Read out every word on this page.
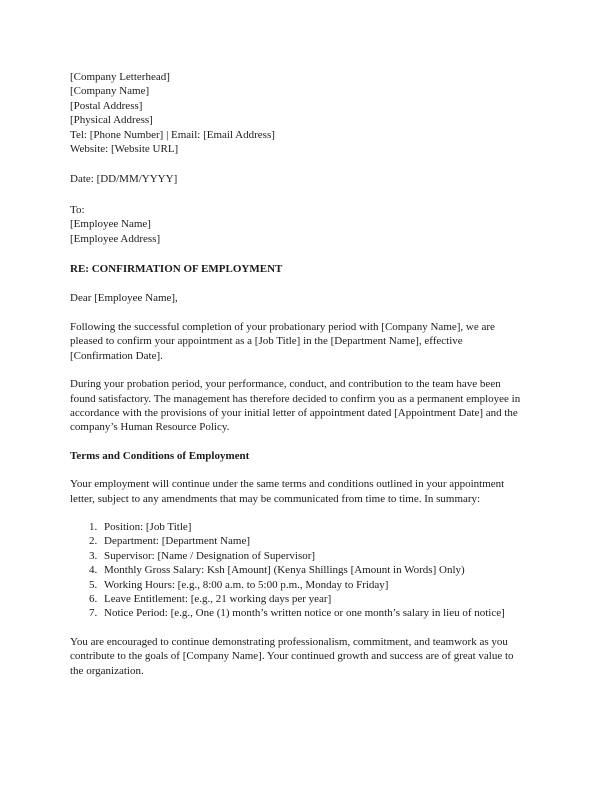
[Company Letterhead]
[Company Name]
[Postal Address]
[Physical Address]
Tel: [Phone Number] | Email: [Email Address]
Website: [Website URL]
Date: [DD/MM/YYYY]
To:
[Employee Name]
[Employee Address]
RE: CONFIRMATION OF EMPLOYMENT

Dear [Employee Name],

Following the successful completion of your probationary period with [Company Name], we are pleased to confirm your appointment as a [Job Title] in the [Department Name], effective [Confirmation Date].

During your probation period, your performance, conduct, and contribution to the team have been found satisfactory. The management has therefore decided to confirm you as a permanent employee in accordance with the provisions of your initial letter of appointment dated [Appointment Date] and the company’s Human Resource Policy.

Terms and Conditions of Employment

Your employment will continue under the same terms and conditions outlined in your appointment letter, subject to any amendments that may be communicated from time to time. In summary:

1. Position: [Job Title]
2. Department: [Department Name]
3. Supervisor: [Name / Designation of Supervisor]
4. Monthly Gross Salary: Ksh [Amount] (Kenya Shillings [Amount in Words] Only)
5. Working Hours: [e.g., 8:00 a.m. to 5:00 p.m., Monday to Friday]
6. Leave Entitlement: [e.g., 21 working days per year]
7. Notice Period: [e.g., One (1) month’s written notice or one month’s salary in lieu of notice]

You are encouraged to continue demonstrating professionalism, commitment, and teamwork as you contribute to the goals of [Company Name]. Your continued growth and success are of great value to the organization.
